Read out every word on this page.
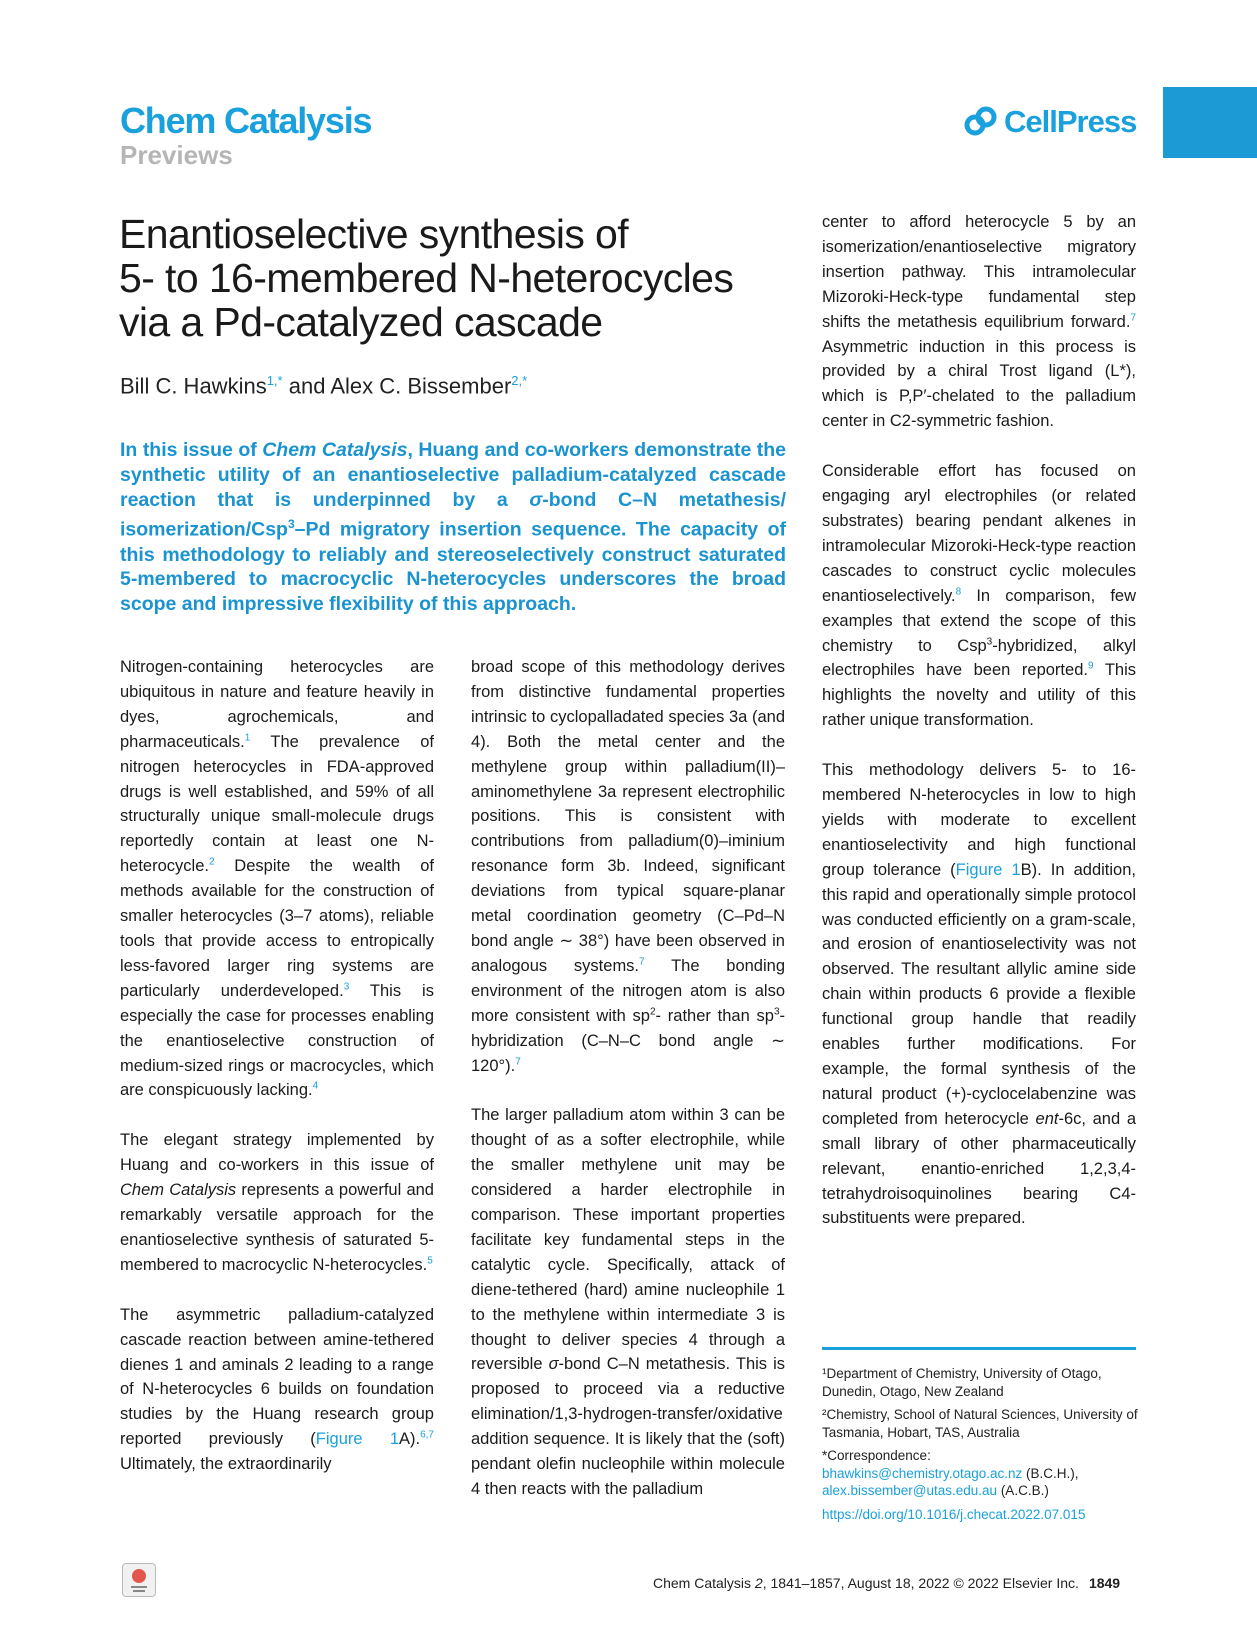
Chem Catalysis
Previews
CellPress
Enantioselective synthesis of
5- to 16-membered N-heterocycles
via a Pd-catalyzed cascade
Bill C. Hawkins$^{1,*}$ and Alex C. Bissember$^{2,*}$
In this issue of Chem Catalysis, Huang and co-workers demonstrate the synthetic utility of an enantioselective palladium-catalyzed cascade reaction that is underpinned by a σ-bond C–N metathesis/ isomerization/Csp$^3$–Pd migratory insertion sequence. The capacity of this methodology to reliably and stereoselectively construct saturated 5-membered to macrocyclic N-heterocycles underscores the broad scope and impressive flexibility of this approach.

Nitrogen-containing heterocycles are ubiquitous in nature and feature heavily in dyes, agrochemicals, and pharmaceuticals.$^1$ The prevalence of nitrogen heterocycles in FDA-approved drugs is well established, and 59% of all structurally unique small-molecule drugs reportedly contain at least one N-heterocycle.$^2$ Despite the wealth of methods available for the construction of smaller heterocycles (3–7 atoms), reliable tools that provide access to entropically less-favored larger ring systems are particularly underdeveloped.$^3$ This is especially the case for processes enabling the enantioselective construction of medium-sized rings or macrocycles, which are conspicuously lacking.$^4$

The elegant strategy implemented by Huang and co-workers in this issue of Chem Catalysis represents a powerful and remarkably versatile approach for the enantioselective synthesis of saturated 5-membered to macrocyclic N-heterocycles.$^5$

The asymmetric palladium-catalyzed cascade reaction between amine-tethered dienes 1 and aminals 2 leading to a range of N-heterocycles 6 builds on foundation studies by the Huang research group reported previously (Figure 1A).$^{6,7}$ Ultimately, the extraordinarily

broad scope of this methodology derives from distinctive fundamental properties intrinsic to cyclopalladated species 3a (and 4). Both the metal center and the methylene group within palladium(II)–aminomethylene 3a represent electrophilic positions. This is consistent with contributions from palladium(0)–iminium resonance form 3b. Indeed, significant deviations from typical square-planar metal coordination geometry (C–Pd–N bond angle ∼ 38°) have been observed in analogous systems.$^7$ The bonding environment of the nitrogen atom is also more consistent with $sp^2-$ rather than $sp^3$-hybridization (C–N–C bond angle ∼ 120°).$^7$

The larger palladium atom within 3 can be thought of as a softer electrophile, while the smaller methylene unit may be considered a harder electrophile in comparison. These important properties facilitate key fundamental steps in the catalytic cycle. Specifically, attack of diene-tethered (hard) amine nucleophile 1 to the methylene within intermediate 3 is thought to deliver species 4 through a reversible σ-bond C–N metathesis. This is proposed to proceed via a reductive elimination/1,3-hydrogen-transfer/oxidative addition sequence. It is likely that the (soft) pendant olefin nucleophile within molecule 4 then reacts with the palladium

center to afford heterocycle 5 by an isomerization/enantioselective migratory insertion pathway. This intramolecular Mizoroki-Heck-type fundamental step shifts the metathesis equilibrium forward.$^7$ Asymmetric induction in this process is provided by a chiral Trost ligand (L*), which is P,P′-chelated to the palladium center in C2-symmetric fashion.

Considerable effort has focused on engaging aryl electrophiles (or related substrates) bearing pendant alkenes in intramolecular Mizoroki-Heck-type reaction cascades to construct cyclic molecules enantioselectively.$^8$ In comparison, few examples that extend the scope of this chemistry to Csp$^3$-hybridized, alkyl electrophiles have been reported.$^9$ This highlights the novelty and utility of this rather unique transformation.

This methodology delivers 5- to 16-membered N-heterocycles in low to high yields with moderate to excellent enantioselectivity and high functional group tolerance (Figure 1B). In addition, this rapid and operationally simple protocol was conducted efficiently on a gram-scale, and erosion of enantioselectivity was not observed. The resultant allylic amine side chain within products 6 provide a flexible functional group handle that readily enables further modifications. For example, the formal synthesis of the natural product (+)-cyclocelabenzine was completed from heterocycle ent-6c, and a small library of other pharmaceutically relevant, enantio-enriched 1,2,3,4-tetrahydroisoquinolines bearing C4-substituents were prepared.

¹Department of Chemistry, University of Otago, Dunedin, Otago, New Zealand
²Chemistry, School of Natural Sciences, University of Tasmania, Hobart, TAS, Australia
*Correspondence:
bhawkins@chemistry.otago.ac.nz (B.C.H.),
alex.bissember@utas.edu.au (A.C.B.)
https://doi.org/10.1016/j.checat.2022.07.015
Chem Catalysis 2, 1841–1857, August 18, 2022 © 2022 Elsevier Inc. 1849
